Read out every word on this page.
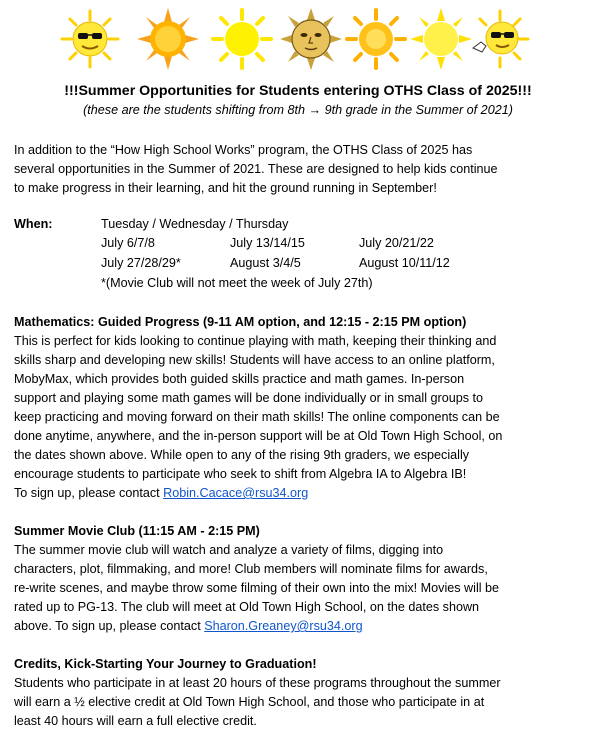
!!!Summer Opportunities for Students entering OTHS Class of 2025!!!
(these are the students shifting from 8th → 9th grade in the Summer of 2021)
In addition to the “How High School Works” program, the OTHS Class of 2025 has
several opportunities in the Summer of 2021. These are designed to help kids continue
to make progress in their learning, and hit the ground running in September!
When:	Tuesday / Wednesday / Thursday
July 6/7/8	July 13/14/15	July 20/21/22
July 27/28/29*	August 3/4/5	August 10/11/12
*(Movie Club will not meet the week of July 27th)
Mathematics: Guided Progress (9-11 AM option, and 12:15 - 2:15 PM option)
This is perfect for kids looking to continue playing with math, keeping their thinking and
skills sharp and developing new skills! Students will have access to an online platform,
MobyMax, which provides both guided skills practice and math games. In-person
support and playing some math games will be done individually or in small groups to
keep practicing and moving forward on their math skills! The online components can be
done anytime, anywhere, and the in-person support will be at Old Town High School, on
the dates shown above. While open to any of the rising 9th graders, we especially
encourage students to participate who seek to shift from Algebra IA to Algebra IB!
To sign up, please contact Robin.Cacace@rsu34.org
Summer Movie Club (11:15 AM - 2:15 PM)
The summer movie club will watch and analyze a variety of films, digging into
characters, plot, filmmaking, and more! Club members will nominate films for awards,
re-write scenes, and maybe throw some filming of their own into the mix! Movies will be
rated up to PG-13. The club will meet at Old Town High School, on the dates shown
above. To sign up, please contact Sharon.Greaney@rsu34.org
Credits, Kick-Starting Your Journey to Graduation!
Students who participate in at least 20 hours of these programs throughout the summer
will earn a ½ elective credit at Old Town High School, and those who participate in at
least 40 hours will earn a full elective credit.
